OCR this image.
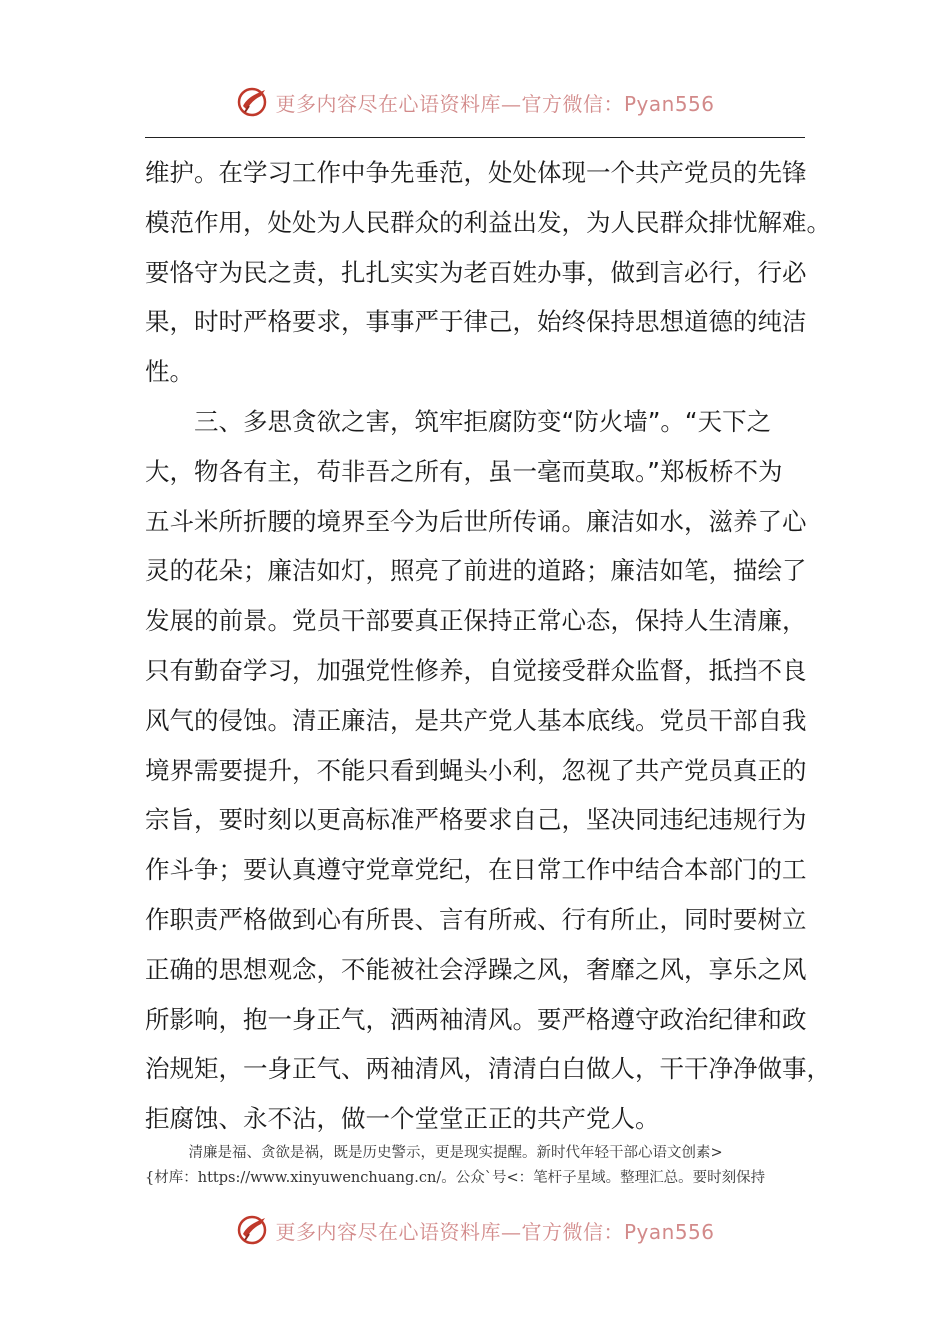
更多内容尽在心语资料库—官方微信：Pyan556
维护。在学习工作中争先垂范，处处体现一个共产党员的先锋
模范作用，处处为人民群众的利益出发，为人民群众排忧解难。
要恪守为民之责，扎扎实实为老百姓办事，做到言必行，行必
果，时时严格要求，事事严于律己，始终保持思想道德的纯洁
性。
　　三、多思贪欲之害，筑牢拒腐防变“防火墙”。“天下之
大，物各有主，苟非吾之所有，虽一毫而莫取。”郑板桥不为
五斗米所折腰的境界至今为后世所传诵。廉洁如水，滋养了心
灵的花朵；廉洁如灯，照亮了前进的道路；廉洁如笔，描绘了
发展的前景。党员干部要真正保持正常心态，保持人生清廉，
只有勤奋学习，加强党性修养，自觉接受群众监督，抵挡不良
风气的侵蚀。清正廉洁，是共产党人基本底线。党员干部自我
境界需要提升，不能只看到蝇头小利，忽视了共产党员真正的
宗旨，要时刻以更高标准严格要求自己，坚决同违纪违规行为
作斗争；要认真遵守党章党纪，在日常工作中结合本部门的工
作职责严格做到心有所畏、言有所戒、行有所止，同时要树立
正确的思想观念，不能被社会浮躁之风，奢靡之风，享乐之风
所影响，抱一身正气，洒两袖清风。要严格遵守政治纪律和政
治规矩，一身正气、两袖清风，清清白白做人，干干净净做事，
拒腐蚀、永不沾，做一个堂堂正正的共产党人。
　　　清廉是福、贪欲是祸，既是历史警示，更是现实提醒。新时代年轻干部心语文创素>
{材库：https://www.xinyuwenchuang.cn/。公众`号<：笔杆子星域。整理汇总。要时刻保持
更多内容尽在心语资料库—官方微信：Pyan556
